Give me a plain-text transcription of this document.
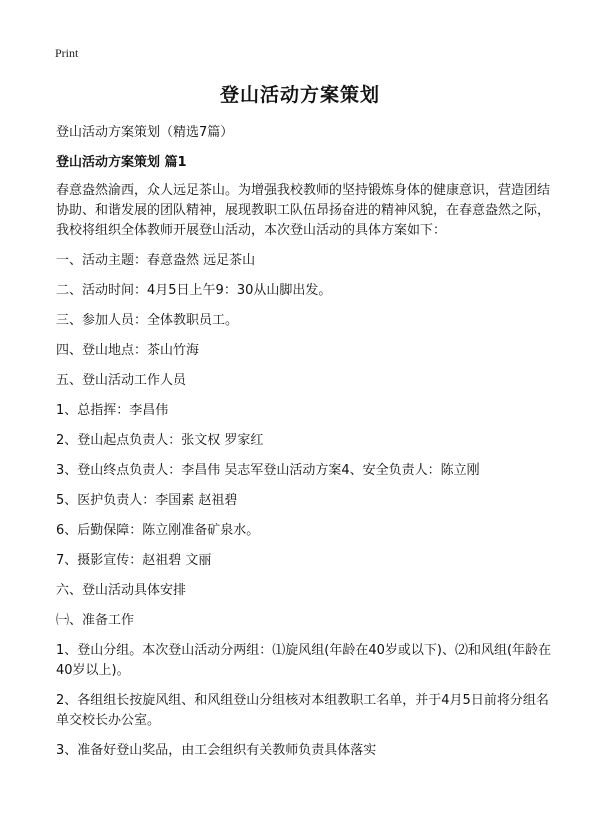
Print
登山活动方案策划
登山活动方案策划（精选7篇）
登山活动方案策划 篇1

春意盎然渝西，众人远足茶山。为增强我校教师的坚持锻炼身体的健康意识，营造团结协助、和谐发展的团队精神，展现教职工队伍昂扬奋进的精神风貌，在春意盎然之际，我校将组织全体教师开展登山活动，本次登山活动的具体方案如下：

一、活动主题：春意盎然 远足茶山

二、活动时间：4月5日上午9：30从山脚出发。

三、参加人员：全体教职员工。

四、登山地点：茶山竹海

五、登山活动工作人员

1、总指挥：李昌伟

2、登山起点负责人：张文权 罗家红

3、登山终点负责人：李昌伟 吴志军登山活动方案4、安全负责人：陈立刚

5、医护负责人：李国素 赵祖碧

6、后勤保障：陈立刚准备矿泉水。

7、摄影宣传：赵祖碧 文丽

六、登山活动具体安排

㈠、准备工作

1、登山分组。本次登山活动分两组：⑴旋风组(年龄在40岁或以下)、⑵和风组(年龄在40岁以上)。

2、各组组长按旋风组、和风组登山分组核对本组教职工名单，并于4月5日前将分组名单交校长办公室。

3、准备好登山奖品，由工会组织有关教师负责具体落实
